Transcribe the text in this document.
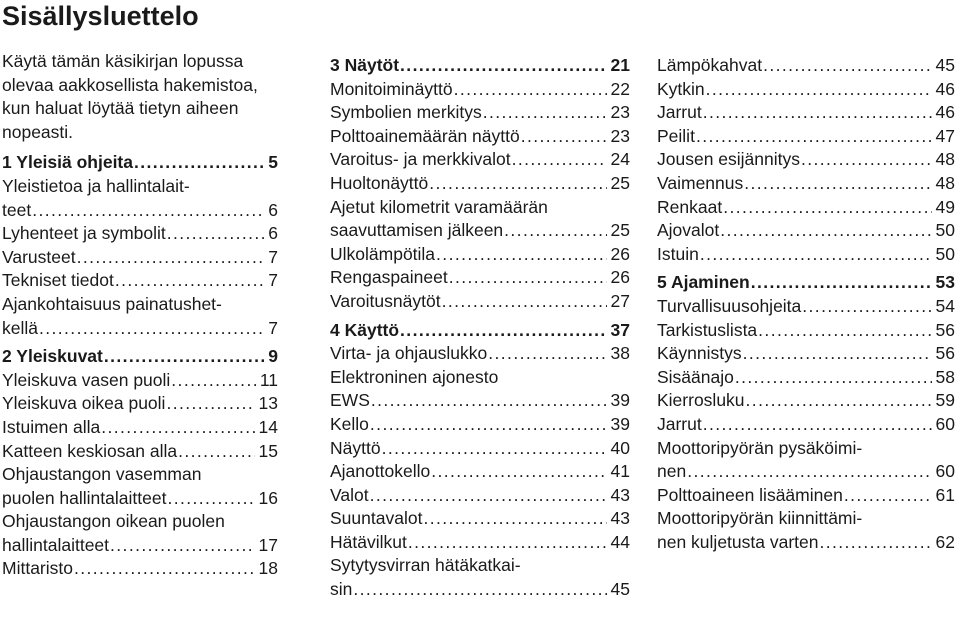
Sisällysluettelo
Käytä tämän käsikirjan lopussa olevaa aakkosellista hakemistoa, kun haluat löytää tietyn aiheen nopeasti.
1 Yleisiä ohjeita .....	5
Yleistietoa ja hallintalait-
teet .....	6
Lyhenteet ja symbolit .....	6
Varusteet .....	7
Tekniset tiedot .....	7
Ajankohtaisuus painatushet-
kellä .....	7
2 Yleiskuvat .....	9
Yleiskuva vasen puoli .....	11
Yleiskuva oikea puoli .....	13
Istuimen alla .....	14
Katteen keskiosan alla .....	15
Ohjaustangon vasemman
puolen hallintalaitteet .....	16
Ohjaustangon oikean puolen
hallintalaitteet .....	17
Mittaristo .....	18
3 Näytöt .....	21
Monitoiminäyttö .....	22
Symbolien merkitys .....	23
Polttoainemäärän näyttö .....	23
Varoitus- ja merkkivalot .....	24
Huoltonäyttö .....	25
Ajetut kilometrit varamäärän
saavuttamisen jälkeen .....	25
Ulkolämpötila .....	26
Rengaspaineet .....	26
Varoitusnäytöt .....	27
4 Käyttö .....	37
Virta- ja ohjauslukko .....	38
Elektroninen ajonesto
EWS .....	39
Kello .....	39
Näyttö .....	40
Ajanottokello .....	41
Valot .....	43
Suuntavalot .....	43
Hätävilkut .....	44
Sytytysvirran hätäkatkai-
sin .....	45
Lämpökahvat .....	45
Kytkin .....	46
Jarrut .....	46
Peilit .....	47
Jousen esijännitys .....	48
Vaimennus .....	48
Renkaat .....	49
Ajovalot .....	50
Istuin .....	50
5 Ajaminen .....	53
Turvallisuusohjeita .....	54
Tarkistuslista .....	56
Käynnistys .....	56
Sisäänajo .....	58
Kierrosluku .....	59
Jarrut .....	60
Moottoripyörän pysäköimi-
nen .....	60
Polttoaineen lisääminen .....	61
Moottoripyörän kiinnittämi-
nen kuljetusta varten .....	62
